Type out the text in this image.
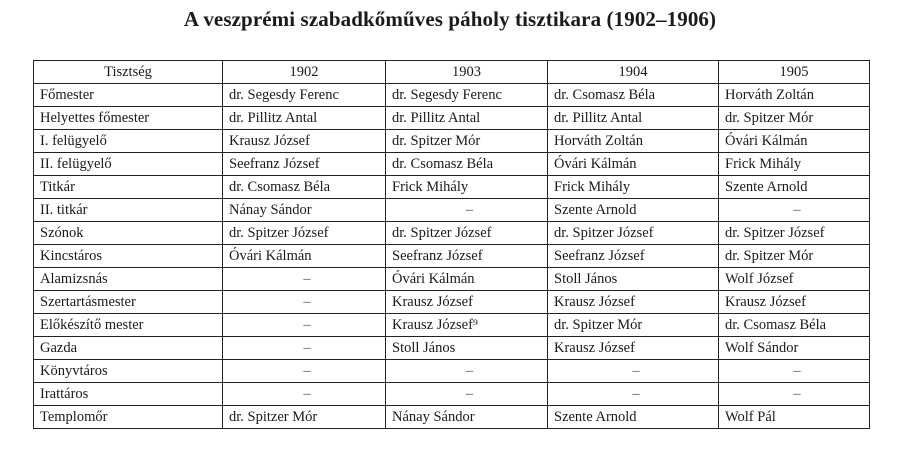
A veszprémi szabadkőműves páholy tisztikara (1902–1906)
Tisztség	1902	1903	1904	1905
Főmester	dr. Segesdy Ferenc	dr. Segesdy Ferenc	dr. Csomasz Béla	Horváth Zoltán
Helyettes főmester	dr. Pillitz Antal	dr. Pillitz Antal	dr. Pillitz Antal	dr. Spitzer Mór
I. felügyelő	Krausz József	dr. Spitzer Mór	Horváth Zoltán	Óvári Kálmán
II. felügyelő	Seefranz József	dr. Csomasz Béla	Óvári Kálmán	Frick Mihály
Titkár	dr. Csomasz Béla	Frick Mihály	Frick Mihály	Szente Arnold
II. titkár	Nánay Sándor	–	Szente Arnold	–
Szónok	dr. Spitzer József	dr. Spitzer József	dr. Spitzer József	dr. Spitzer József
Kincstáros	Óvári Kálmán	Seefranz József	Seefranz József	dr. Spitzer Mór
Alamizsnás	–	Óvári Kálmán	Stoll János	Wolf József
Szertartásmester	–	Krausz József	Krausz József	Krausz József
Előkészítő mester	–	Krausz József⁹	dr. Spitzer Mór	dr. Csomasz Béla
Gazda	–	Stoll János	Krausz József	Wolf Sándor
Könyvtáros	–	–	–	–
Irattáros	–	–	–	–
Templomőr	dr. Spitzer Mór	Nánay Sándor	Szente Arnold	Wolf Pál
